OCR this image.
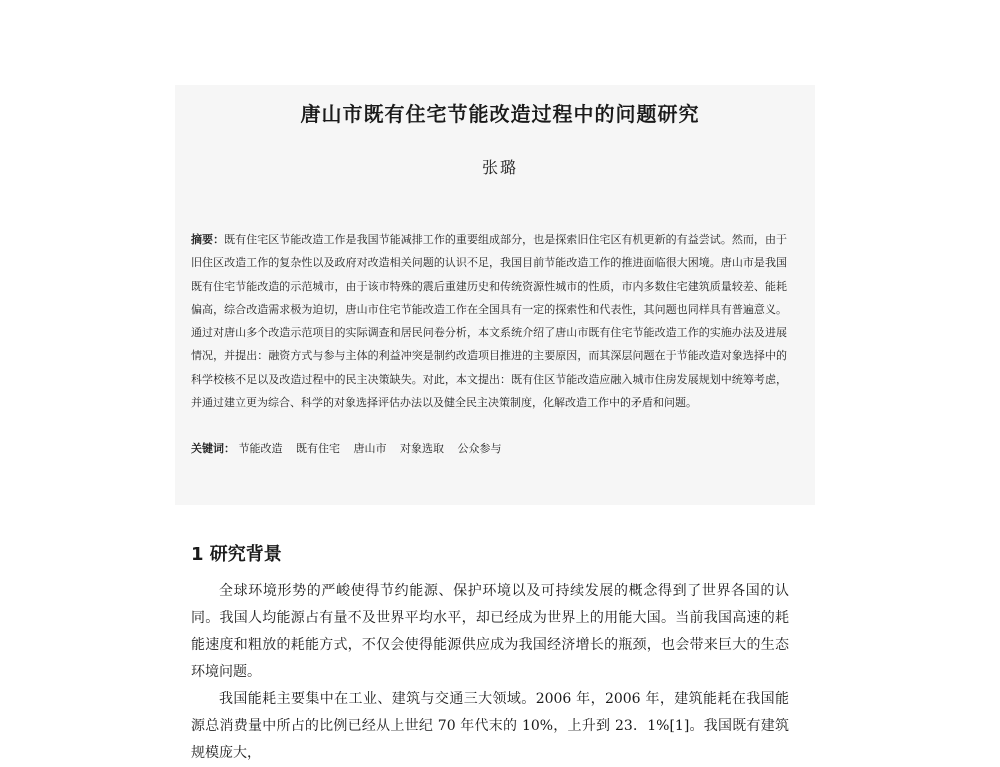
唐山市既有住宅节能改造过程中的问题研究
张璐
摘要：既有住宅区节能改造工作是我国节能减排工作的重要组成部分，也是探索旧住宅区有机更新的有益尝试。然而，由于旧住区改造工作的复杂性以及政府对改造相关问题的认识不足，我国目前节能改造工作的推进面临很大困境。唐山市是我国既有住宅节能改造的示范城市，由于该市特殊的震后重建历史和传统资源性城市的性质，市内多数住宅建筑质量较差、能耗偏高，综合改造需求极为迫切，唐山市住宅节能改造工作在全国具有一定的探索性和代表性，其问题也同样具有普遍意义。通过对唐山多个改造示范项目的实际调查和居民问卷分析，本文系统介绍了唐山市既有住宅节能改造工作的实施办法及进展情况，并提出：融资方式与参与主体的利益冲突是制约改造项目推进的主要原因，而其深层问题在于节能改造对象选择中的科学校核不足以及改造过程中的民主决策缺失。对此，本文提出：既有住区节能改造应融入城市住房发展规划中统筹考虑，并通过建立更为综合、科学的对象选择评估办法以及健全民主决策制度，化解改造工作中的矛盾和问题。
关键词： 节能改造 既有住宅 唐山市 对象选取 公众参与
1 研究背景

全球环境形势的严峻使得节约能源、保护环境以及可持续发展的概念得到了世界各国的认同。我国人均能源占有量不及世界平均水平，却已经成为世界上的用能大国。当前我国高速的耗能速度和粗放的耗能方式，不仅会使得能源供应成为我国经济增长的瓶颈，也会带来巨大的生态环境问题。

我国能耗主要集中在工业、建筑与交通三大领域。2006 年，2006 年，建筑能耗在我国能源总消费量中所占的比例已经从上世纪 70 年代末的 10%，上升到 23．1%[1]。我国既有建筑规模庞大，
